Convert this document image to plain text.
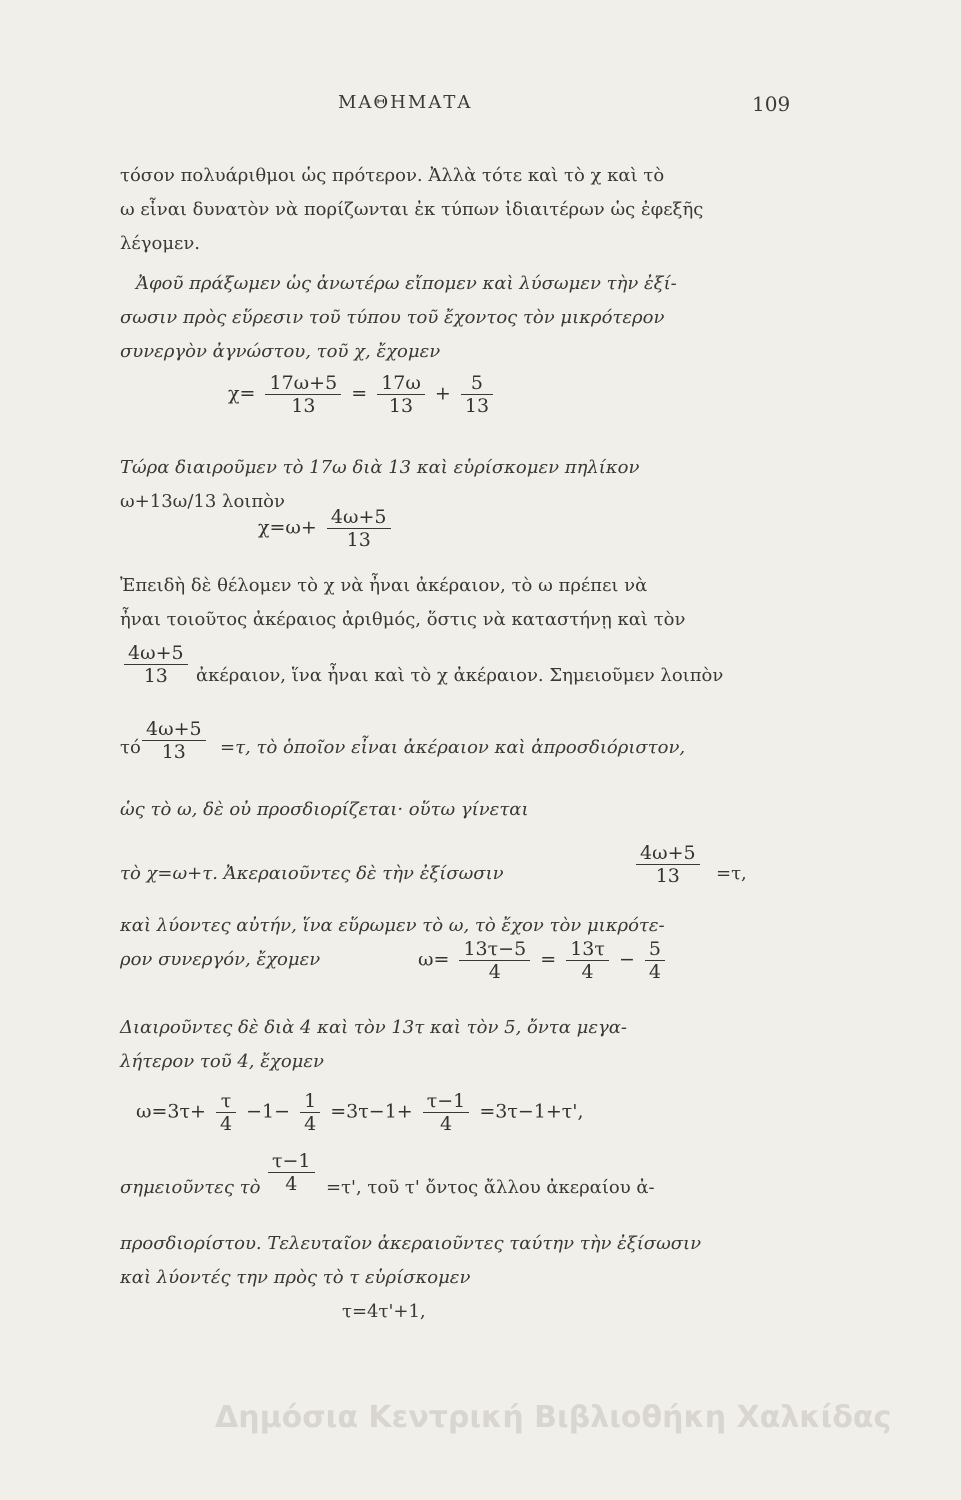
ΜΑΘΗΜΑΤΑ	109
τόσον πολυάριθμοι ὡς πρότερον. Ἀλλὰ τότε καὶ τὸ χ καὶ τὸ
ω εἶναι δυνατὸν νὰ πορίζωνται ἐκ τύπων ἰδιαιτέρων ὡς ἐφεξῆς
λέγομεν.
Ἀφοῦ πράξωμεν ὡς ἀνωτέρω εἴπομεν καὶ λύσωμεν τὴν ἐξί-
σωσιν πρὸς εὕρεσιν τοῦ τύπου τοῦ ἔχοντος τὸν μικρότερον
συνεργὸν ἀγνώστου, τοῦ χ, ἔχομεν
$\chi= \frac{17\omega+5}{13} = \frac{17\omega}{13} + \frac{5}{13}$
Τώρα διαιροῦμεν τὸ 17ω διὰ 13 καὶ εὑρίσκομεν πηλίκον
ω+13ω/13 λοιπὸν
$\chi=\omega+ \frac{4\omega+5}{13}$
Ἐπειδὴ δὲ θέλομεν τὸ χ νὰ ἦναι ἀκέραιον, τὸ ω πρέπει νὰ
ἦναι τοιοῦτος ἀκέραιος ἀριθμός, ὅστις νὰ καταστήνῃ καὶ τὸν
$\frac{4\omega+5}{13}$ ἀκέραιον, ἵνα ἦναι καὶ τὸ χ ἀκέραιον. Σημειοῦμεν λοιπὸν
τό $\frac{4\omega+5}{13} =\tau$, τὸ ὁποῖον εἶναι ἀκέραιον καὶ ἀπροσδιόριστον,
ὡς τὸ ω, δὲ οὐ προσδιορίζεται· οὕτω γίνεται
τὸ χ=ω+τ. Ἀκεραιοῦντες δὲ τὴν ἐξίσωσιν	$\frac{4\omega+5}{13} =\tau$,
καὶ λύοντες αὐτήν, ἵνα εὕρωμεν τὸ ω, τὸ ἔχον τὸν μικρότε-
ρον συνεργόν, ἔχομεν	$\omega= \frac{13\tau-5}{4} = \frac{13\tau}{4} - \frac{5}{4}$
Διαιροῦντες δὲ διὰ 4 καὶ τὸν 13τ καὶ τὸν 5, ὄντα μεγα-
λήτερον τοῦ 4, ἔχομεν
$\omega=3\tau+ \frac{\tau}{4} -1- \frac{1}{4} =3\tau-1+ \frac{\tau-1}{4} =3\tau-1+\tau'$,
σημειοῦντες τὸ $\frac{\tau-1}{4} =\tau'$, τοῦ τ' ὄντος ἄλλου ἀκεραίου ἀ-
προσδιορίστου. Τελευταῖον ἀκεραιοῦντες ταύτην τὴν ἐξίσωσιν
καὶ λύοντές την πρὸς τὸ τ εὑρίσκομεν
τ=4τ'+1,
Δημόσια Κεντρική Βιβλιοθήκη Χαλκίδας
